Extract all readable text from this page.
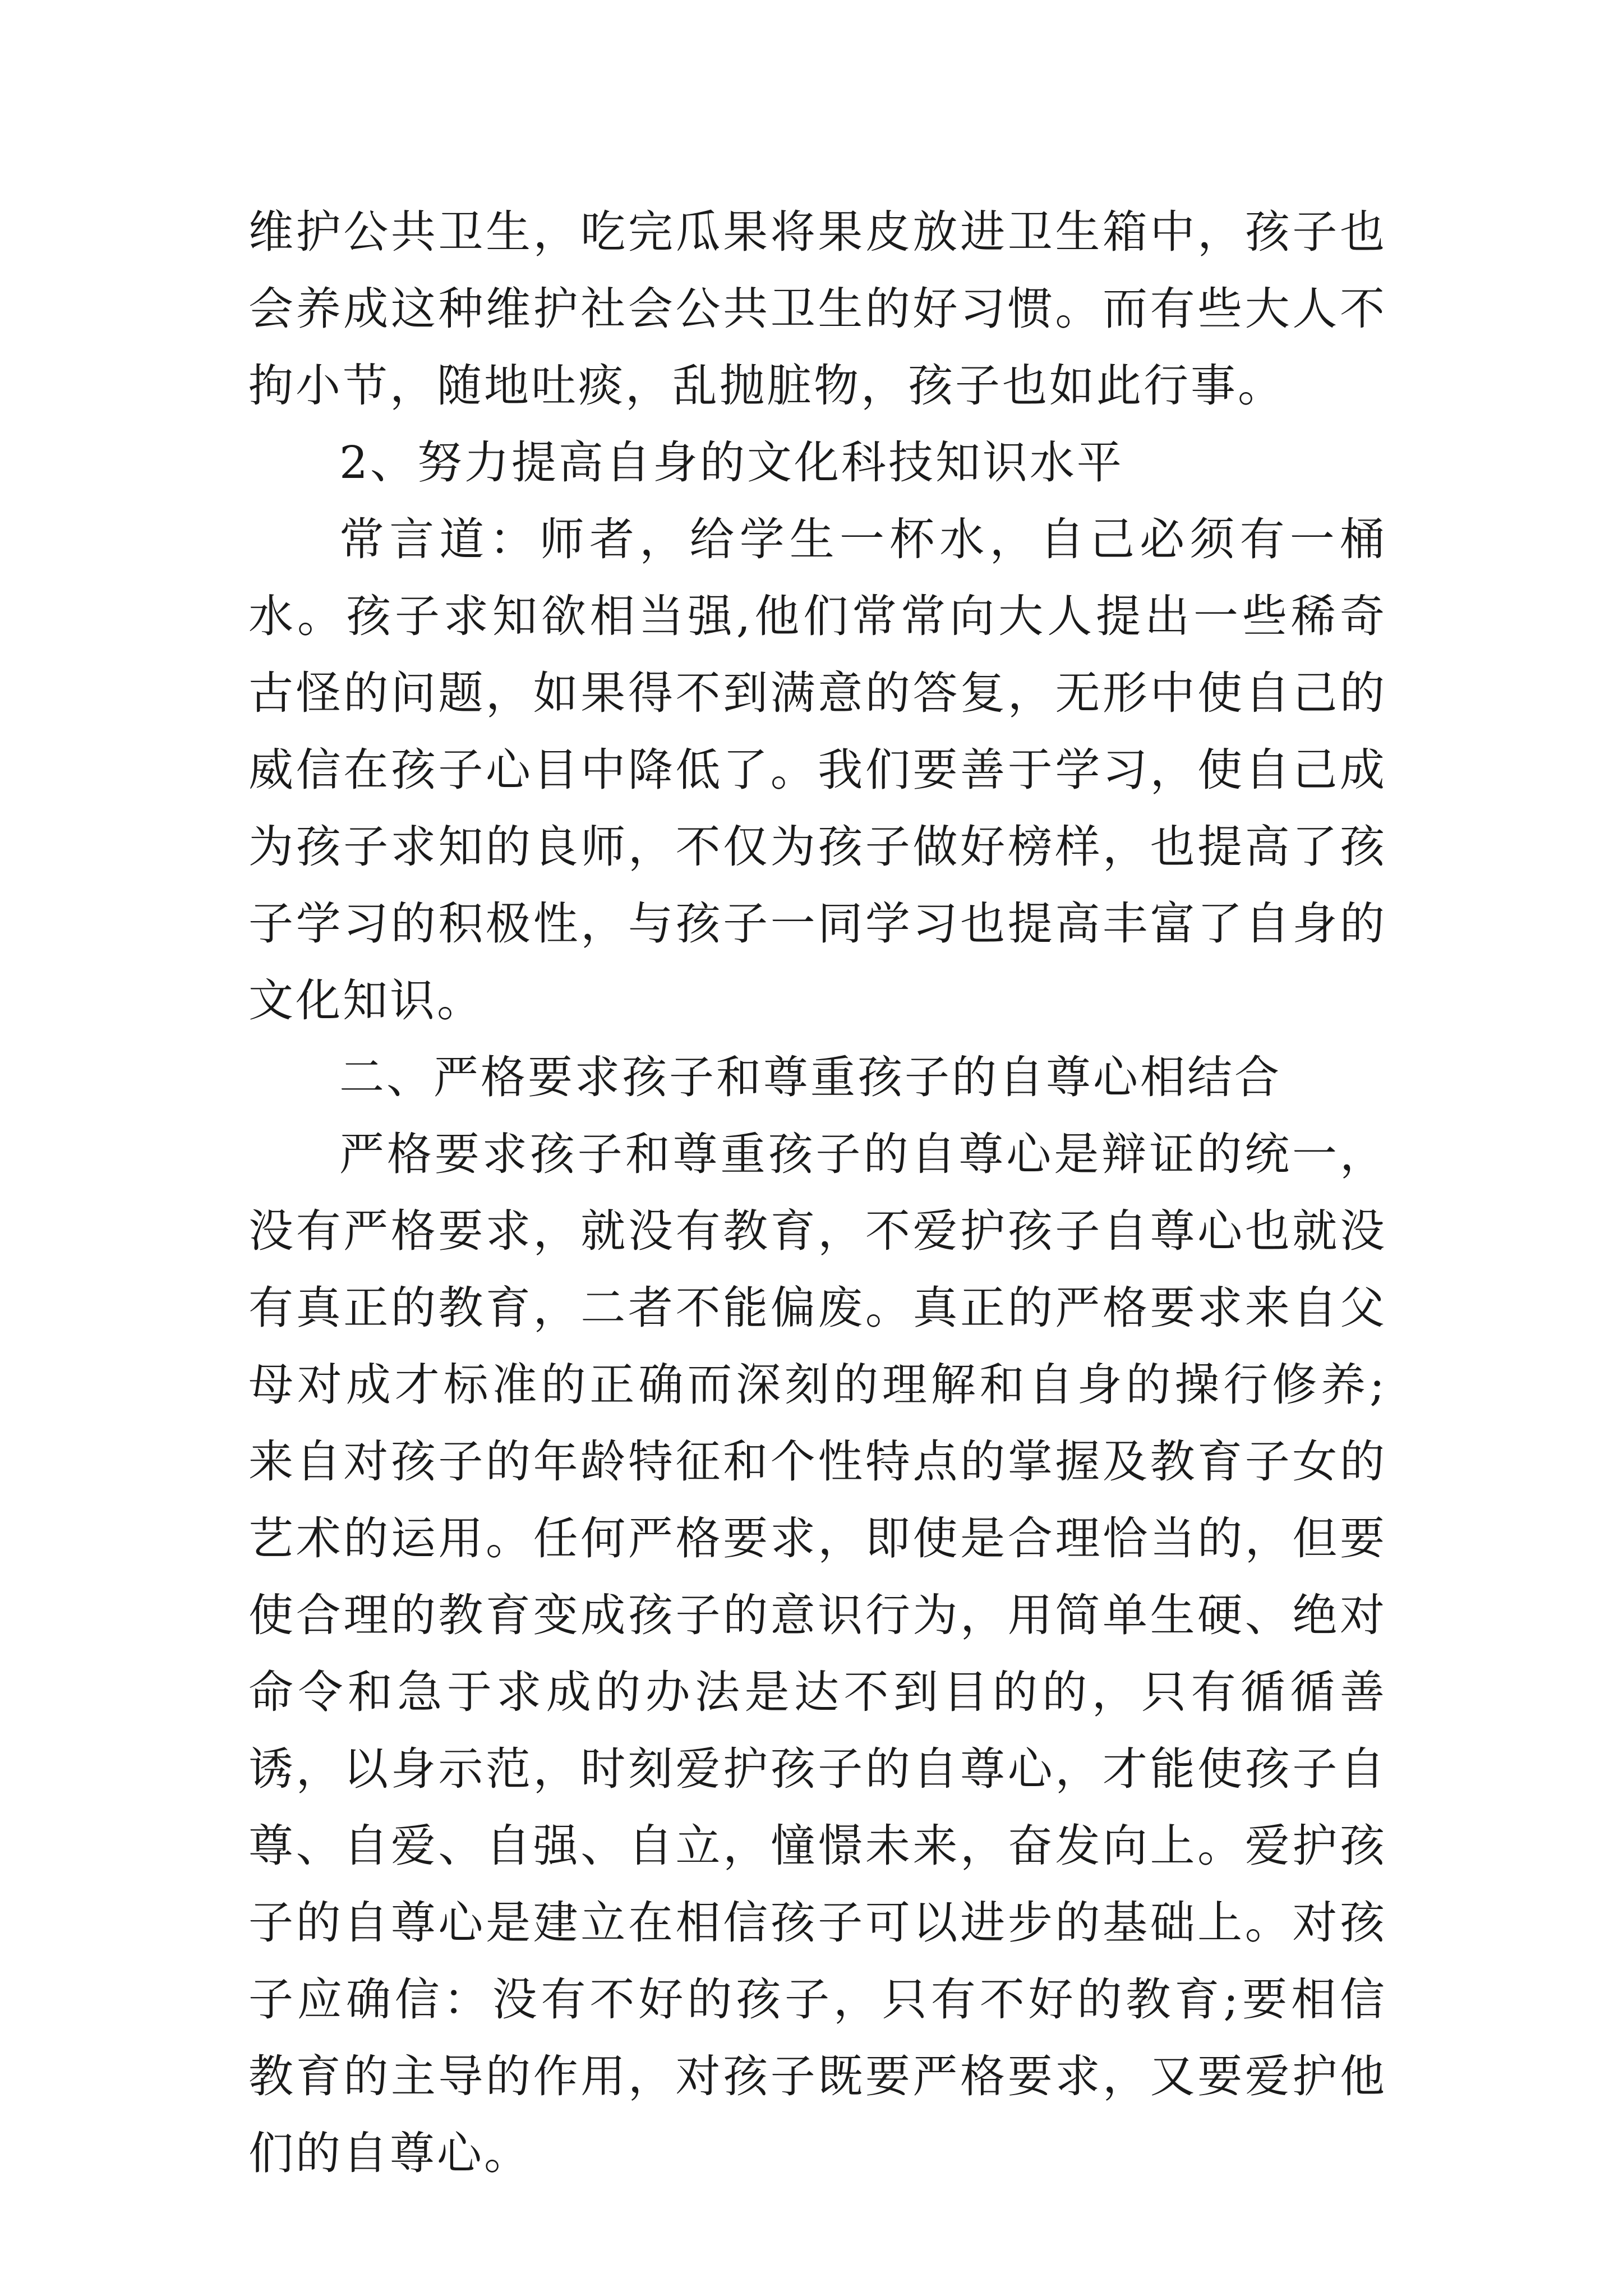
维护公共卫生，吃完瓜果将果皮放进卫生箱中，孩子也会养成这种维护社会公共卫生的好习惯。而有些大人不拘小节，随地吐痰，乱抛脏物，孩子也如此行事。

2、努力提高自身的文化科技知识水平

常言道：师者，给学生一杯水，自己必须有一桶水。孩子求知欲相当强,他们常常向大人提出一些稀奇古怪的问题，如果得不到满意的答复，无形中使自己的威信在孩子心目中降低了。我们要善于学习，使自己成为孩子求知的良师，不仅为孩子做好榜样，也提高了孩子学习的积极性，与孩子一同学习也提高丰富了自身的文化知识。

二、严格要求孩子和尊重孩子的自尊心相结合

严格要求孩子和尊重孩子的自尊心是辩证的统一，没有严格要求，就没有教育，不爱护孩子自尊心也就没有真正的教育，二者不能偏废。真正的严格要求来自父母对成才标准的正确而深刻的理解和自身的操行修养;来自对孩子的年龄特征和个性特点的掌握及教育子女的艺术的运用。任何严格要求，即使是合理恰当的，但要使合理的教育变成孩子的意识行为，用简单生硬、绝对命令和急于求成的办法是达不到目的的，只有循循善诱，以身示范，时刻爱护孩子的自尊心，才能使孩子自尊、自爱、自强、自立，憧憬未来，奋发向上。爱护孩子的自尊心是建立在相信孩子可以进步的基础上。对孩子应确信：没有不好的孩子，只有不好的教育;要相信教育的主导的作用，对孩子既要严格要求，又要爱护他们的自尊心。
